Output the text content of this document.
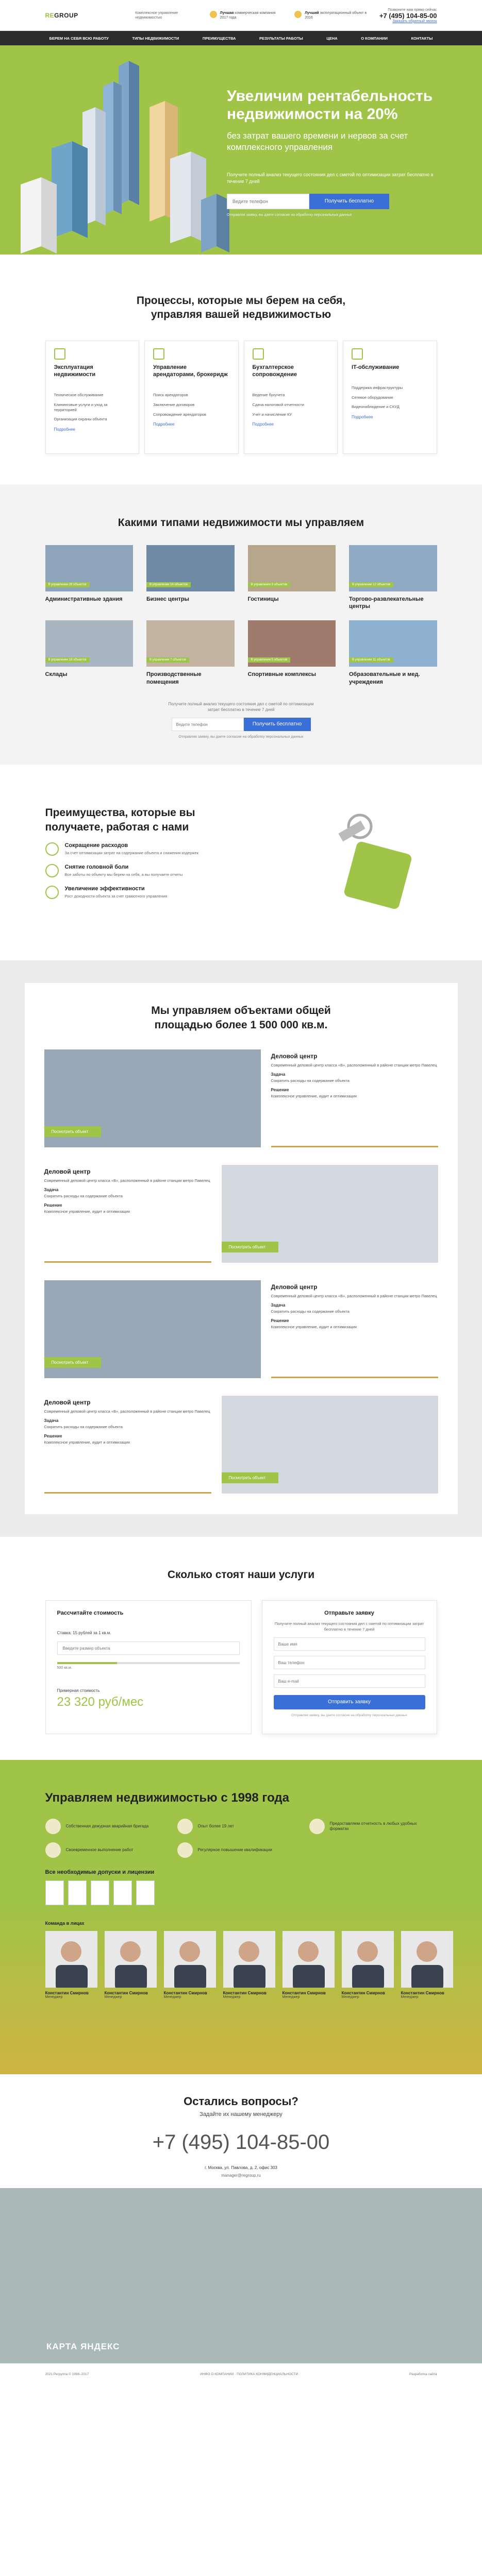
REGROUP	Комплексное управление недвижимостью
Лучшая коммерческая компания 2017 года
Лучший эксплуатационный объект в 2016
Позвоните нам прямо сейчас
+7 (495) 104-85-00
Заказать обратный звонок
БЕРЕМ НА СЕБЯ ВСЮ РАБОТУ	ТИПЫ НЕДВИЖИМОСТИ	ПРЕИМУЩЕСТВА	РЕЗУЛЬТАТЫ РАБОТЫ	ЦЕНА	О КОМПАНИИ	КОНТАКТЫ
Увеличим рентабельность недвижимости на 20%
без затрат вашего времени и нервов за счет комплексного управления
Получите полный анализ текущего состояния дел с сметой по оптимизации затрат бесплатно в течение 7 дней
Ведите телефон
Получить бесплатно
Отправляя заявку, вы даете согласие на обработку персональных данных
Процессы, которые мы берем на себя, управляя вашей недвижимостью
Эксплуатация недвижимости

Техническое обслуживание

Клининговые услуги и уход за территорией

Организация охраны объекта

Подробнее
Управление арендаторами, брокеридж

Поиск арендаторов

Заключение договоров

Сопровождение арендаторов

Подробнее
Бухгалтерское сопровождение

Ведение бухучета

Сдача налоговой отчетности

Учет и начисление КУ

Подробнее
IT-обслуживание

Поддержка инфраструктуры

Сетевое оборудование

Видеонаблюдение и СКУД

Подробнее
Какими типами недвижимости мы управляем
В управлении 26 объектов
Административные здания
В управлении 14 объектов
Бизнес центры
В управлении 9 объектов
Гостиницы
В управлении 12 объектов
Торгово-развлекательные центры
В управлении 18 объектов
Склады
В управлении 7 объектов
Производственные помещения
В управлении 5 объектов
Спортивные комплексы
В управлении 11 объектов
Образовательные и мед. учреждения
Получите полный анализ текущего состояния дел с сметой по оптимизации затрат бесплатно в течение 7 дней
Ведите телефон
Получить бесплатно
Отправляя заявку, вы даете согласие на обработку персональных данных
Преимущества, которые вы получаете, работая с нами
Сокращение расходов

За счет оптимизации затрат на содержание объекта и снижения издержек

Снятие головной боли

Все заботы по объекту мы берем на себя, а вы получаете отчеты

Увеличение эффективности

Рост доходности объекта за счет грамотного управления

Мы управляем объектами общей площадью более 1 500 000 кв.м.
Посмотреть объект
Деловой центр

Современный деловой центр класса «B», расположенный в районе станции метро Павелец

Задача

Сократить расходы на содержание объекта

Решение

Комплексное управление, аудит и оптимизация

Деловой центр

Современный деловой центр класса «B», расположенный в районе станции метро Павелец

Задача

Сократить расходы на содержание объекта

Решение

Комплексное управление, аудит и оптимизация

Посмотреть объект
Посмотреть объект
Деловой центр

Современный деловой центр класса «B», расположенный в районе станции метро Павелец

Задача

Сократить расходы на содержание объекта

Решение

Комплексное управление, аудит и оптимизация

Деловой центр

Современный деловой центр класса «B», расположенный в районе станции метро Павелец

Задача

Сократить расходы на содержание объекта

Решение

Комплексное управление, аудит и оптимизация

Посмотреть объект
Сколько стоят наши услуги
Рассчитайте стоимость
Ставка: 15 рублей за 1 кв.м.
Введите размер объекта
500 кв.м.
Примерная стоимость
23 320 руб/мес
Отправьте заявку
Получите полный анализ текущего состояния дел с сметой по оптимизации затрат бесплатно в течение 7 дней
Ваше имя
Ваш телефон
Ваш e-mail
Отправить заявку
Отправляя заявку, вы даете согласие на обработку персональных данных
Управляем недвижимостью с 1998 года
Собственная дежурная аварийная бригада	Опыт более 19 лет
Предоставляем отчетность в любых удобных форматах
Своевременное выполнение работ	Регулярное повышение квалификации
Все необходимые допуски и лицензии
Команда в лицах
Константин Смирнов
Менеджер
Константин Смирнов
Менеджер
Константин Смирнов
Менеджер
Константин Смирнов
Менеджер
Константин Смирнов
Менеджер
Константин Смирнов
Менеджер
Константин Смирнов
Менеджер
Остались вопросы?
Задайте их нашему менеджеру
+7 (495) 104-85-00
г. Москва, ул. Павлова, д. 2, офис 303
manager@regroup.ru
КАРТА ЯНДЕКС
2021 Регруппа © 1998–2017	ИНФО О КОМПАНИИ · ПОЛИТИКА КОНФИДЕНЦИАЛЬНОСТИ	Разработка сайта
